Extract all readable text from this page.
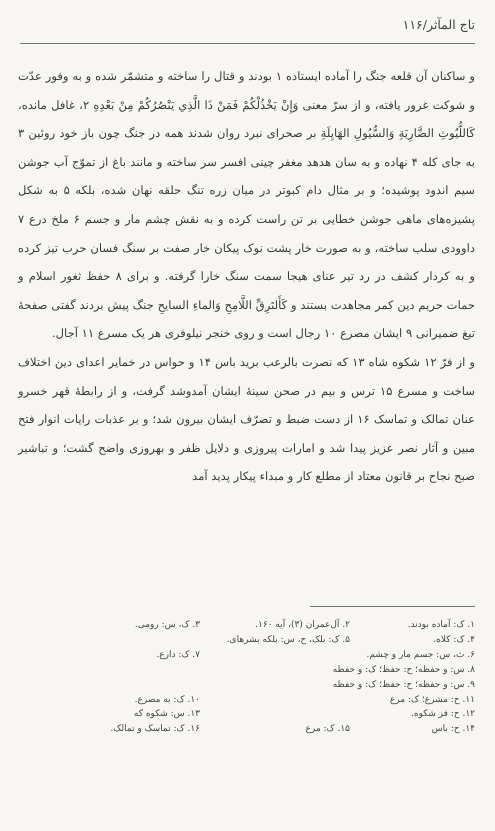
تاج المآثر/۱۱۶

و ساکنان آن قلعه جنگ را آماده ایستاده ۱ بودند و قتال را ساخته و متشمّر شده و به وفور عدّت و شوکت غرور یافته، و از سرّ معنی وَإِنْ يَخْذُلْكُمْ فَمَنْ ذَا الَّذِي يَنْصُرُكُمْ مِنْ بَعْدِهِ ۲، غافل مانده، كَاللُّيُوثِ الضَّارِيَةِ وَالسُّيُولِ الهَايِلَةِ بر صحرای نبرد روان شدند همه در جنگ چون باز خود روئین ۳ به جای کله ۴ نهاده و به سان هدهد مغفر چینی افسر سر ساخته و مانند باغ از تموّج آب جوشن سیم اندود پوشیده؛ و بر مثال دام کبوتر در میان زره تنگ حلقه نهان شده، بلکه ۵ به شکل پشیزه‌های ماهی جوشن خطایی بر تن راست کرده و به نقش چشم مار و جسم ۶ ملخ درع ۷ داوودی سلب ساخته، و به صورت خار پشت نوک پیکان خار صفت بر سنگ فسان حرب تیز کرده و به کردار کشف در رد تیر عنای هیجا سمت سنگ خارا گرفته. و برای ۸ حفظ ثغور اسلام و حمات حریم دین کمر مجاهدت بستند و كَأَلتَرِقِّ اللَّامِحِ وَالماءِ السايحِ جنگ پیش بردند گفتی صفحهٔ تیغ ضمیرانی ۹ ایشان مصرع ۱۰ رجال است و روی خنجر نیلوفری هر یک مسرع ۱۱ آجال.

و از فرّ ۱۲ شکوه شاه ۱۳ که نصرت بالرعب برید باس ۱۴ و حواس در خمایر اعدای دین اختلاف ساخت و مسرع ۱۵ ترس و بیم در صحن سینهٔ ایشان آمدوشد گرفت، و از رابطهٔ قهر خسرو عنان تمالک و تماسک ۱۶ از دست ضبط و تصرّف ایشان بیرون شد؛ و بر عذبات رایات انوار فتح مبین و آثار نصر عزیز پیدا شد و امارات پیروزی و دلایل ظفر و بهروزی واضح گشت؛ و تباشیر صبح نجاح بر قانون معتاد از مطلع کار و مبداء پیکار پدید آمد

۱. ک: آماده بودند.
۲. آل‌عمران (۳)، آیه ۱۶۰.
۳. ک، س: رومی.
۴. ک: کلاه.
۵. ک: بلک، ح، س: بلکه بشرهای.
۶. ث، س: جسم مار و چشم.
۷. ک: دارع.
۸. س: و حفظه؛ ح: حفظ؛ ک: و حفظه
۹. س: و حفظه؛ ح: حفظ؛ ک: و حفظه
۱۱. ح: مشرع؛ ک: مرع
۱۰. ک: به مصرع.
۱۲. ح: فز شکوه.
۱۳. س: شکوه که
۱۴. ح: باس
۱۵. ک: مرع
۱۶. ک: تماسک و تمالک.
